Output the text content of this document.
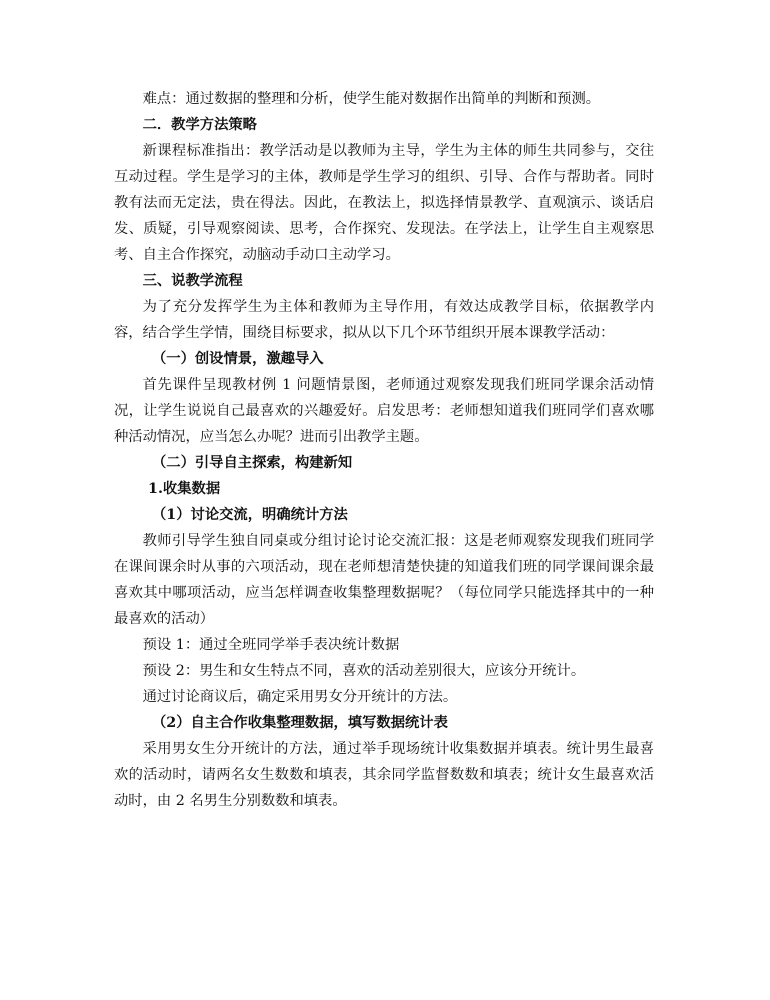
难点：通过数据的整理和分析，使学生能对数据作出简单的判断和预测。

二．教学方法策略

新课程标准指出：教学活动是以教师为主导，学生为主体的师生共同参与，交往互动过程。学生是学习的主体，教师是学生学习的组织、引导、合作与帮助者。同时教有法而无定法，贵在得法。因此，在教法上，拟选择情景教学、直观演示、谈话启发、质疑，引导观察阅读、思考，合作探究、发现法。在学法上，让学生自主观察思考、自主合作探究，动脑动手动口主动学习。

三、说教学流程

为了充分发挥学生为主体和教师为主导作用，有效达成教学目标，依据教学内容，结合学生学情，围绕目标要求，拟从以下几个环节组织开展本课教学活动：

（一）创设情景，激趣导入

首先课件呈现教材例 1 问题情景图，老师通过观察发现我们班同学课余活动情况，让学生说说自己最喜欢的兴趣爱好。启发思考：老师想知道我们班同学们喜欢哪种活动情况，应当怎么办呢？进而引出教学主题。

（二）引导自主探索，构建新知

1.收集数据

（1）讨论交流，明确统计方法

教师引导学生独自同桌或分组讨论讨论交流汇报：这是老师观察发现我们班同学在课间课余时从事的六项活动，现在老师想清楚快捷的知道我们班的同学课间课余最喜欢其中哪项活动，应当怎样调查收集整理数据呢？（每位同学只能选择其中的一种最喜欢的活动）

预设 1：通过全班同学举手表决统计数据

预设 2：男生和女生特点不同，喜欢的活动差别很大，应该分开统计。

通过讨论商议后，确定采用男女分开统计的方法。

（2）自主合作收集整理数据，填写数据统计表

采用男女生分开统计的方法，通过举手现场统计收集数据并填表。统计男生最喜欢的活动时，请两名女生数数和填表，其余同学监督数数和填表；统计女生最喜欢活动时，由 2 名男生分别数数和填表。
